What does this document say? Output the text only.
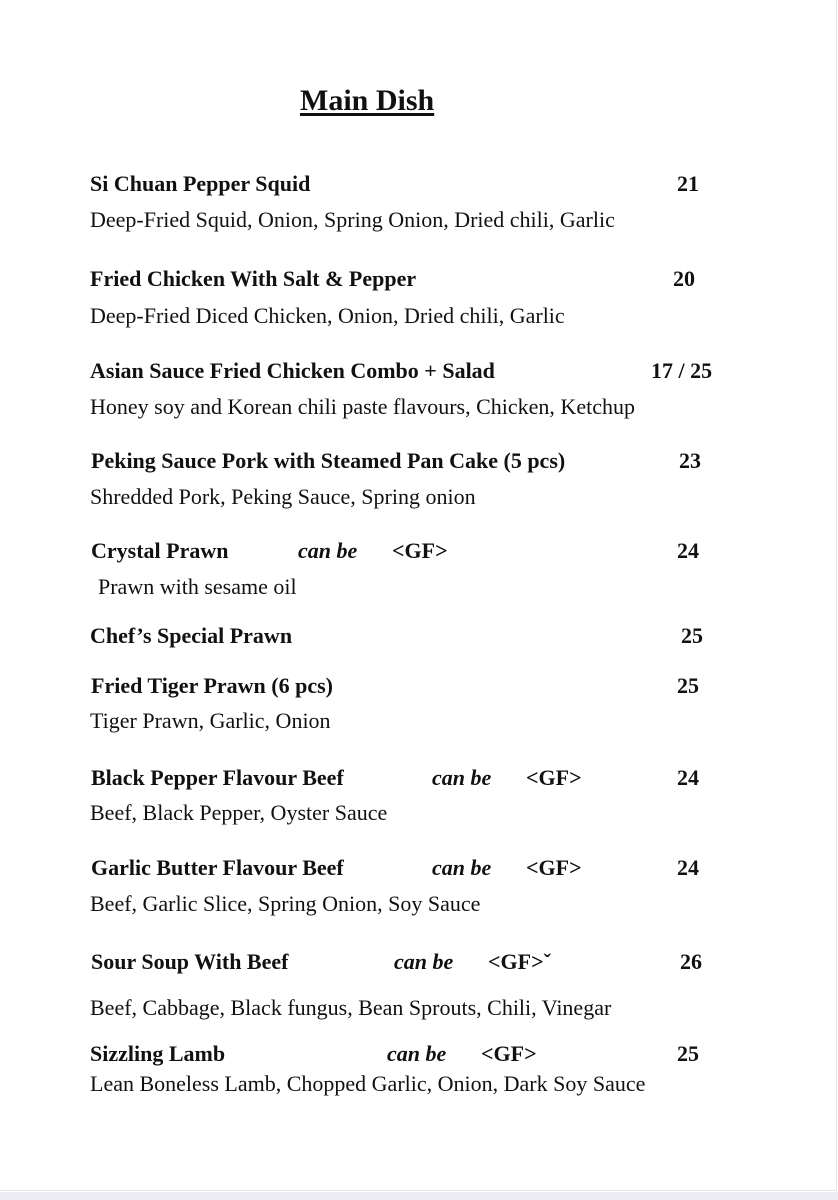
Main Dish
Si Chuan Pepper Squid	21
Deep-Fried Squid, Onion, Spring Onion, Dried chili, Garlic
Fried Chicken With Salt & Pepper	20
Deep-Fried Diced Chicken, Onion, Dried chili, Garlic
Asian Sauce Fried Chicken Combo + Salad	17 / 25
Honey soy and Korean chili paste flavours, Chicken, Ketchup
Peking Sauce Pork with Steamed Pan Cake (5 pcs)	23
Shredded Pork, Peking Sauce, Spring onion
Crystal Prawn	can be <GF>	24
Prawn with sesame oil
Chef’s Special Prawn	25
Fried Tiger Prawn (6 pcs)	25
Tiger Prawn, Garlic, Onion
Black Pepper Flavour Beef	can be <GF>	24
Beef, Black Pepper, Oyster Sauce
Garlic Butter Flavour Beef	can be <GF>	24
Beef, Garlic Slice, Spring Onion, Soy Sauce
Sour Soup With Beef	can be <GF>ˇ	26
Beef, Cabbage, Black fungus, Bean Sprouts, Chili, Vinegar
Sizzling Lamb	can be <GF>	25
Lean Boneless Lamb, Chopped Garlic, Onion, Dark Soy Sauce
